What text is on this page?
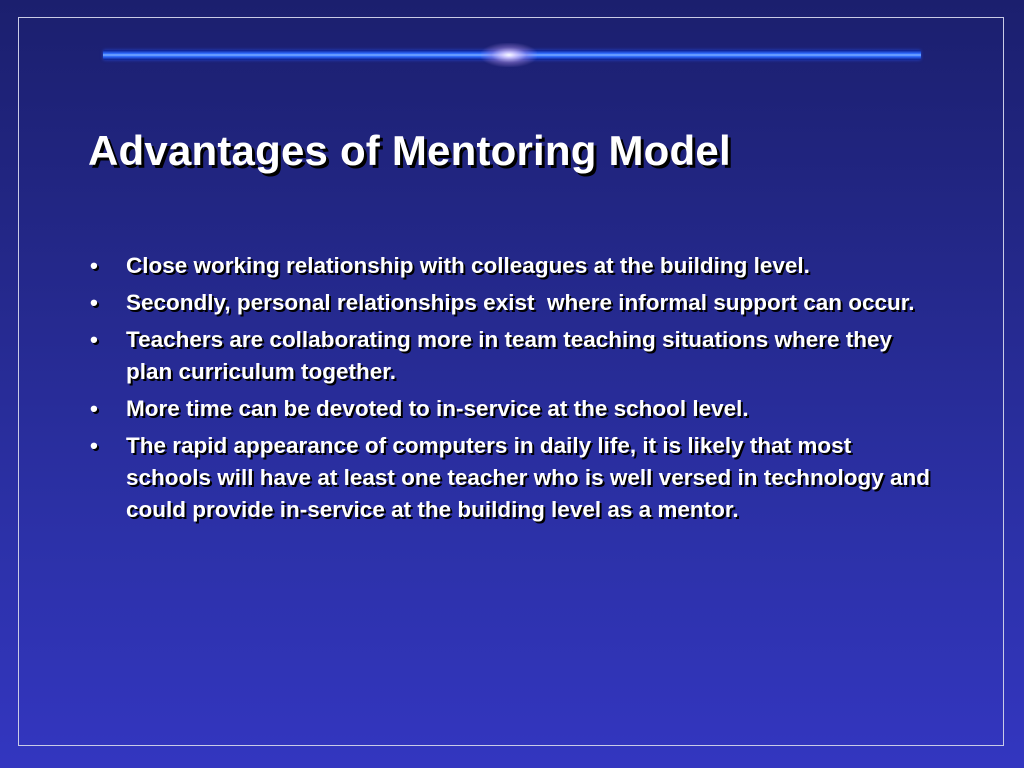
Advantages of Mentoring Model
•	Close working relationship with colleagues at the building level.
•	Secondly, personal relationships exist  where informal support can occur.
•	Teachers are collaborating more in team teaching situations where they plan curriculum together.
•	More time can be devoted to in-service at the school level.
•	The rapid appearance of computers in daily life, it is likely that most schools will have at least one teacher who is well versed in technology and could provide in-service at the building level as a mentor.
